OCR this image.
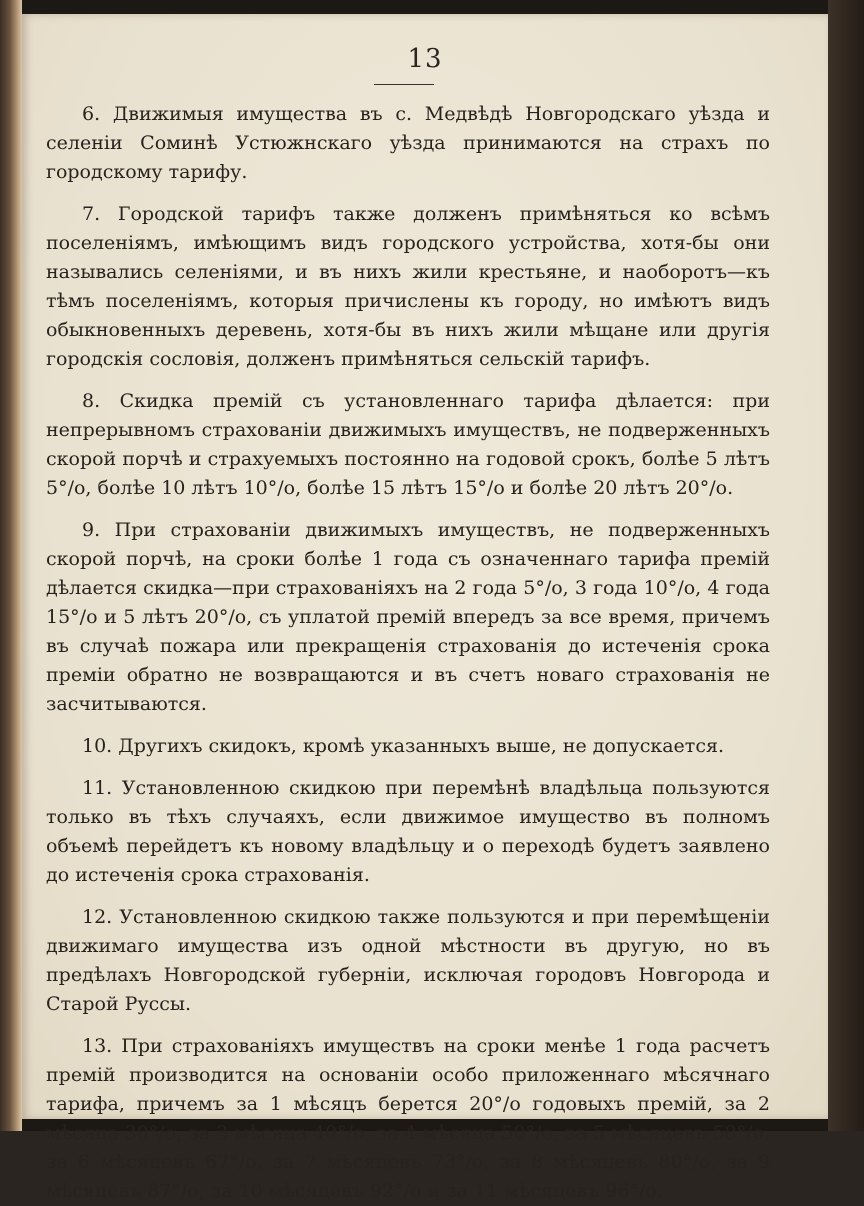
13

6. Движимыя имущества въ с. Медвѣдѣ Новгородскаго уѣзда и селеніи Соминѣ Устюжнскаго уѣзда принимаются на страхъ по городскому тарифу.

7. Городской тарифъ также долженъ примѣняться ко всѣмъ поселеніямъ, имѣющимъ видъ городского устройства, хотя-бы они назывались селеніями, и въ нихъ жили крестьяне, и наоборотъ—къ тѣмъ поселеніямъ, которыя причислены къ городу, но имѣютъ видъ обыкновенныхъ деревень, хотя-бы въ нихъ жили мѣщане или другія городскія сословія, долженъ примѣняться сельскій тарифъ.

8. Скидка премій съ установленнаго тарифа дѣлается: при непрерывномъ страхованіи движимыхъ имуществъ, не подверженныхъ скорой порчѣ и страхуемыхъ постоянно на годовой срокъ, болѣе 5 лѣтъ 5°/о, болѣе 10 лѣтъ 10°/о, болѣе 15 лѣтъ 15°/о и болѣе 20 лѣтъ 20°/о.

9. При страхованіи движимыхъ имуществъ, не подверженныхъ скорой порчѣ, на сроки болѣе 1 года съ означеннаго тарифа премій дѣлается скидка—при страхованіяхъ на 2 года 5°/о, 3 года 10°/о, 4 года 15°/о и 5 лѣтъ 20°/о, съ уплатой премій впередъ за все время, причемъ въ случаѣ пожара или прекращенія страхованія до истеченія срока преміи обратно не возвращаются и въ счетъ новаго страхованія не засчитываются.

10. Другихъ скидокъ, кромѣ указанныхъ выше, не допускается.

11. Установленною скидкою при перемѣнѣ владѣльца пользуются только въ тѣхъ случаяхъ, если движимое имущество въ полномъ объемѣ перейдетъ къ новому владѣльцу и о переходѣ будетъ заявлено до истеченія срока страхованія.

12. Установленною скидкою также пользуются и при перемѣщеніи движимаго имущества изъ одной мѣстности въ другую, но въ предѣлахъ Новгородской губерніи, исключая городовъ Новгорода и Старой Руссы.

13. При страхованіяхъ имуществъ на сроки менѣе 1 года расчетъ премій производится на основаніи особо приложеннаго мѣсячнаго тарифа, причемъ за 1 мѣсяцъ берется 20°/о годовыхъ премій, за 2 мѣсяца 30°/о, за 3 мѣсяца 40°/о, за 4 мѣсяца 50°/о, за 5 мѣсяцевъ 58°/о, за 6 мѣсяцевъ 67°/о, за 7 мѣсяцевъ 73°/о, за 8 мѣсяцевъ 80°/о, за 9 мѣсяцевъ 87°/о, за 10 мѣсяцевъ 92°/о и за 11 мѣсяцевъ 96°/о.
